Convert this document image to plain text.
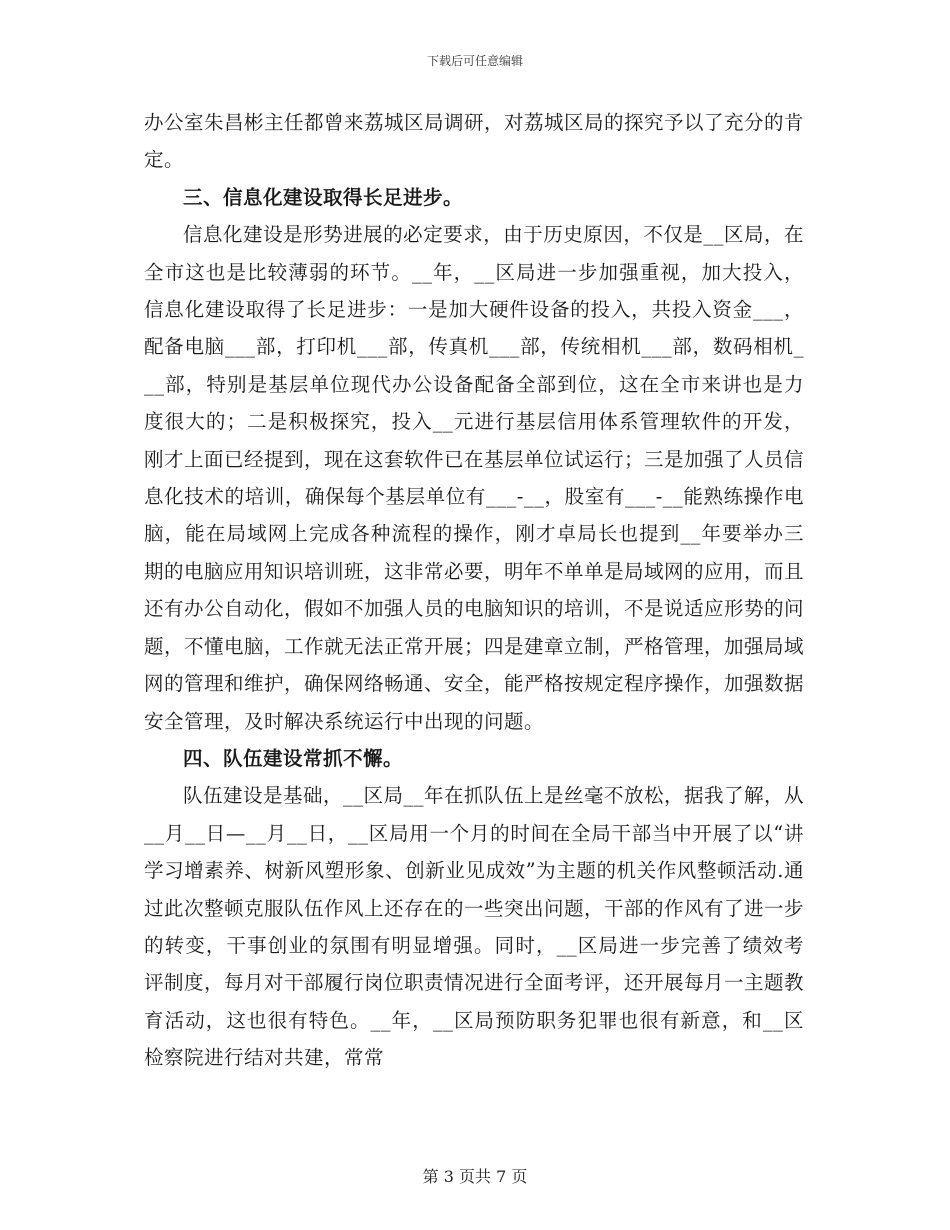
下载后可任意编辑

办公室朱昌彬主任都曾来荔城区局调研，对荔城区局的探究予以了充分的肯定。

三、信息化建设取得长足进步。

信息化建设是形势进展的必定要求，由于历史原因，不仅是__区局，在全市这也是比较薄弱的环节。__年，__区局进一步加强重视，加大投入，信息化建设取得了长足进步：一是加大硬件设备的投入，共投入资金___，配备电脑___部，打印机___部，传真机___部，传统相机___部，数码相机___部，特别是基层单位现代办公设备配备全部到位，这在全市来讲也是力度很大的；二是积极探究，投入__元进行基层信用体系管理软件的开发，刚才上面已经提到，现在这套软件已在基层单位试运行；三是加强了人员信息化技术的培训，确保每个基层单位有___-__，股室有___-__能熟练操作电脑，能在局域网上完成各种流程的操作，刚才卓局长也提到__年要举办三期的电脑应用知识培训班，这非常必要，明年不单单是局域网的应用，而且还有办公自动化，假如不加强人员的电脑知识的培训，不是说适应形势的问题，不懂电脑，工作就无法正常开展；四是建章立制，严格管理，加强局域网的管理和维护，确保网络畅通、安全，能严格按规定程序操作，加强数据安全管理，及时解决系统运行中出现的问题。

四、队伍建设常抓不懈。

队伍建设是基础，__区局__年在抓队伍上是丝毫不放松，据我了解，从__月__日—__月__日，__区局用一个月的时间在全局干部当中开展了以“讲学习增素养、树新风塑形象、创新业见成效”为主题的机关作风整顿活动.通过此次整顿克服队伍作风上还存在的一些突出问题，干部的作风有了进一步的转变，干事创业的氛围有明显增强。同时，__区局进一步完善了绩效考评制度，每月对干部履行岗位职责情况进行全面考评，还开展每月一主题教育活动，这也很有特色。__年，__区局预防职务犯罪也很有新意，和__区检察院进行结对共建，常常

第 3 页共 7 页
